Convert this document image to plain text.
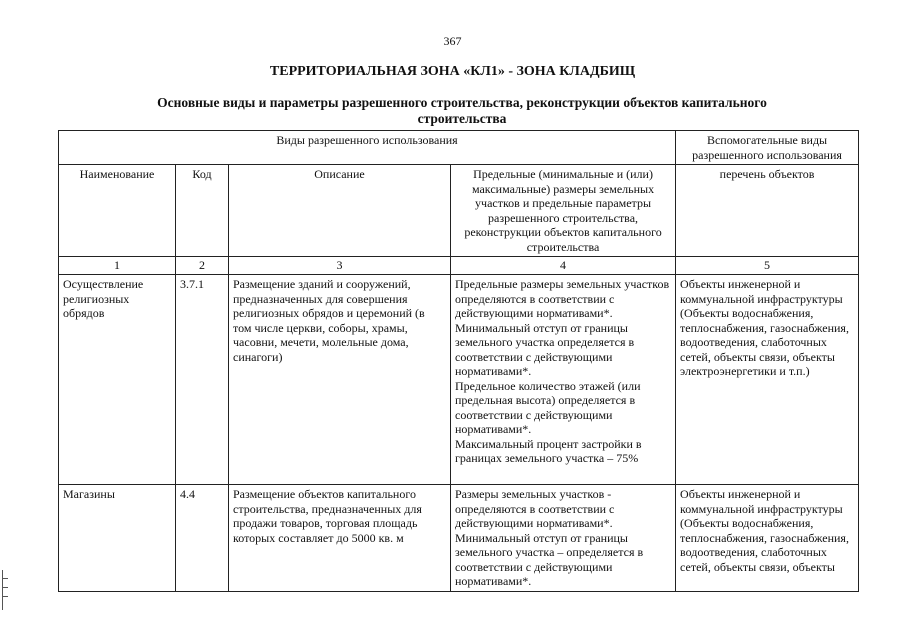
367
ТЕРРИТОРИАЛЬНАЯ ЗОНА «КЛ1» - ЗОНА КЛАДБИЩ
Основные виды и параметры разрешенного строительства, реконструкции объектов капитального строительства
Виды разрешенного использования				Вспомогательные виды разрешенного использования
Наименование	Код	Описание	Предельные (минимальные и (или) максимальные) размеры земельных участков и предельные параметры разрешенного строительства, реконструкции объектов капитального строительства	перечень объектов
1	2	3	4	5
Осуществление религиозных обрядов	3.7.1	Размещение зданий и сооружений, предназначенных для совершения религиозных обрядов и церемоний (в том числе церкви, соборы, храмы, часовни, мечети, молельные дома, синагоги)	Предельные размеры земельных участков определяются в соответствии с действующими нормативами*.
Минимальный отступ от границы земельного участка определяется в соответствии с действующими нормативами*.
Предельное количество этажей (или предельная высота) определяется в соответствии с действующими нормативами*.
Максимальный процент застройки в границах земельного участка – 75%	Объекты инженерной и коммунальной инфраструктуры (Объекты водоснабжения, теплоснабжения, газоснабжения, водоотведения, слаботочных сетей, объекты связи, объекты электроэнергетики и т.п.)
Магазины	4.4	Размещение объектов капитального строительства, предназначенных для продажи товаров, торговая площадь которых составляет до 5000 кв. м	Размеры земельных участков - определяются в соответствии с действующими нормативами*.
Минимальный отступ от границы земельного участка – определяется в соответствии с действующими нормативами*.	Объекты инженерной и коммунальной инфраструктуры (Объекты водоснабжения, теплоснабжения, газоснабжения, водоотведения, слаботочных сетей, объекты связи, объекты
